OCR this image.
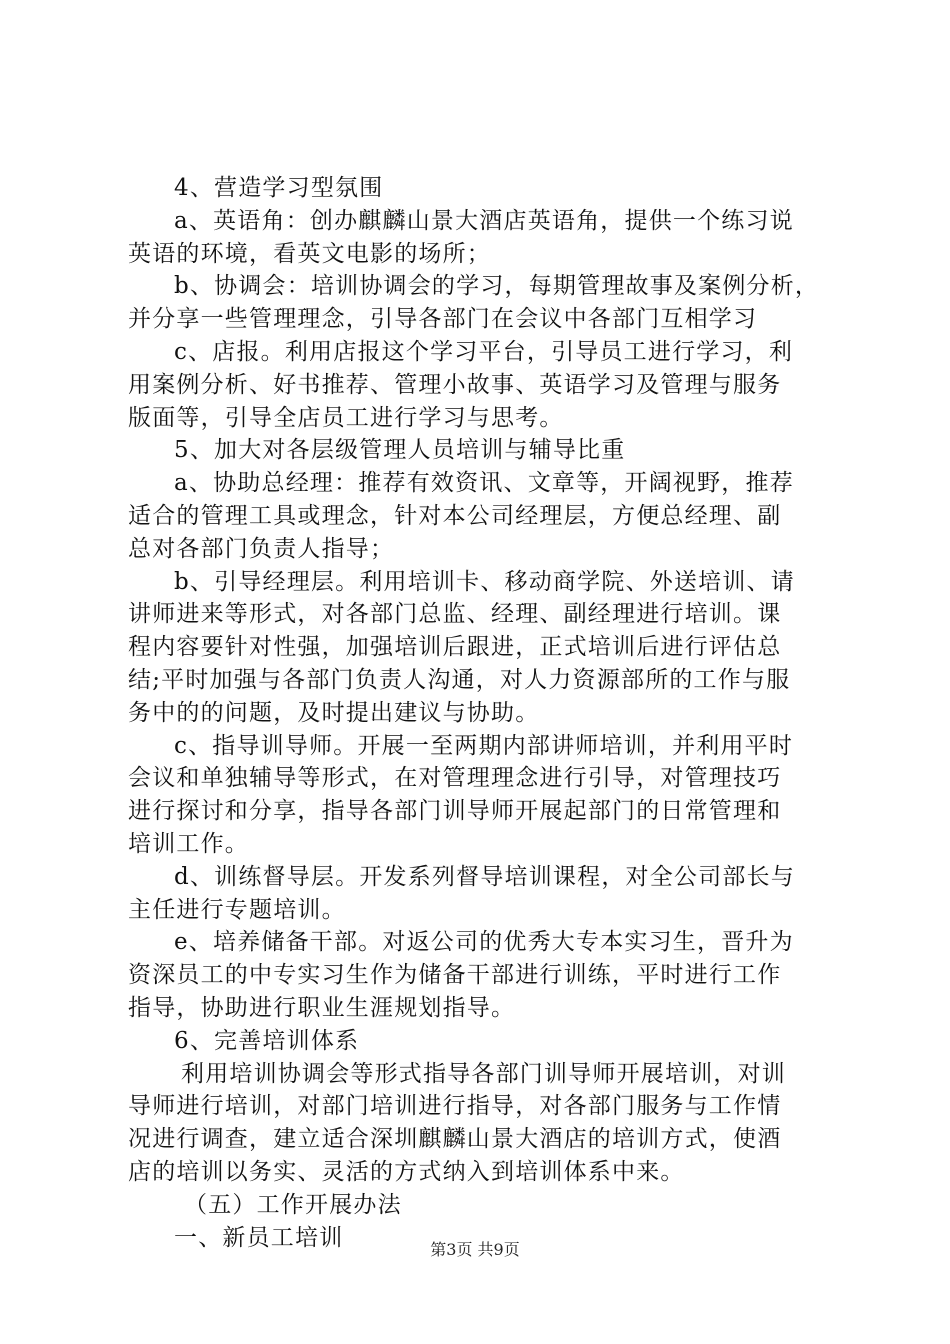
4、营造学习型氛围
a、英语角：创办麒麟山景大酒店英语角，提供一个练习说
英语的环境，看英文电影的场所；
b、协调会：培训协调会的学习，每期管理故事及案例分析，
并分享一些管理理念，引导各部门在会议中各部门互相学习
c、店报。利用店报这个学习平台，引导员工进行学习，利
用案例分析、好书推荐、管理小故事、英语学习及管理与服务
版面等，引导全店员工进行学习与思考。
5、加大对各层级管理人员培训与辅导比重
a、协助总经理：推荐有效资讯、文章等，开阔视野，推荐
适合的管理工具或理念，针对本公司经理层，方便总经理、副
总对各部门负责人指导；
b、引导经理层。利用培训卡、移动商学院、外送培训、请
讲师进来等形式，对各部门总监、经理、副经理进行培训。课
程内容要针对性强，加强培训后跟进，正式培训后进行评估总
结;平时加强与各部门负责人沟通，对人力资源部所的工作与服
务中的的问题，及时提出建议与协助。
c、指导训导师。开展一至两期内部讲师培训，并利用平时
会议和单独辅导等形式，在对管理理念进行引导，对管理技巧
进行探讨和分享，指导各部门训导师开展起部门的日常管理和
培训工作。
d、训练督导层。开发系列督导培训课程，对全公司部长与
主任进行专题培训。
e、培养储备干部。对返公司的优秀大专本实习生，晋升为
资深员工的中专实习生作为储备干部进行训练，平时进行工作
指导，协助进行职业生涯规划指导。
6、完善培训体系
利用培训协调会等形式指导各部门训导师开展培训，对训
导师进行培训，对部门培训进行指导，对各部门服务与工作情
况进行调查，建立适合深圳麒麟山景大酒店的培训方式，使酒
店的培训以务实、灵活的方式纳入到培训体系中来。
（五）工作开展办法
一、新员工培训	第3页 共9页
